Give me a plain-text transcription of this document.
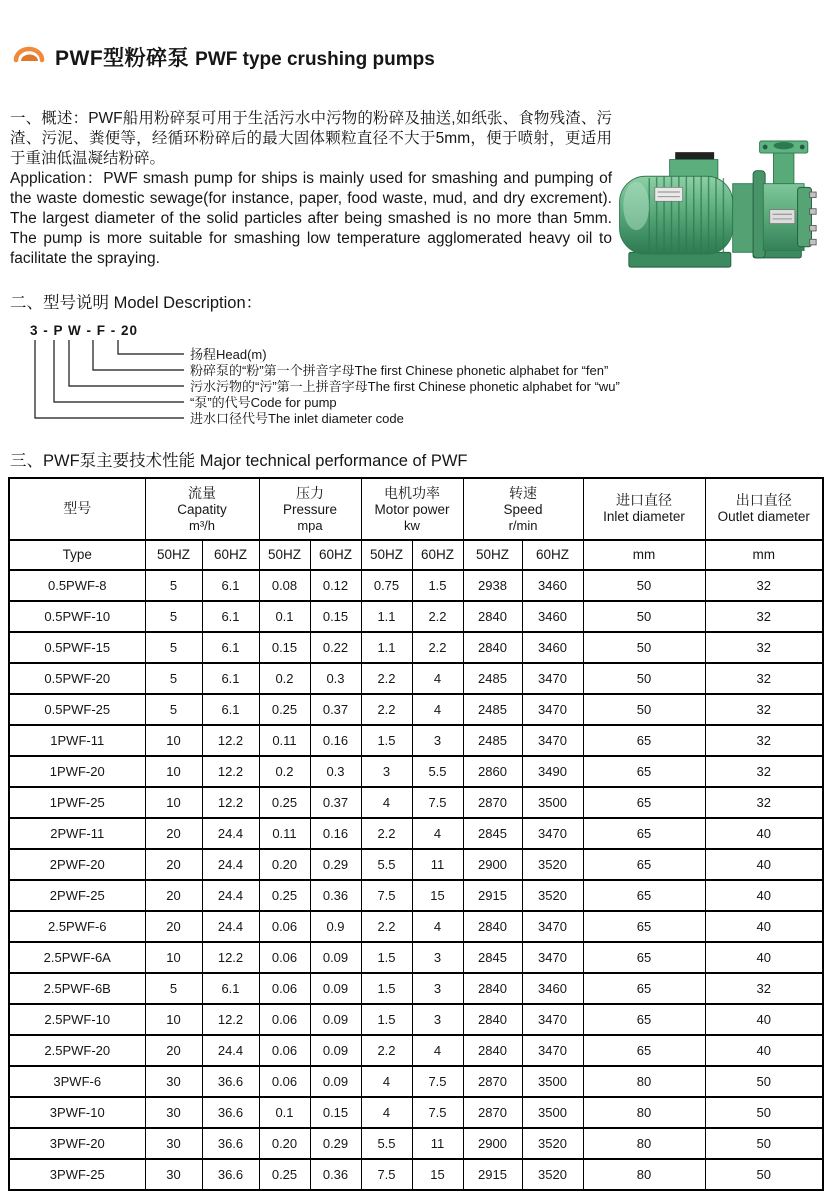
PWF型粉碎泵 PWF type crushing pumps

一、概述：PWF船用粉碎泵可用于生活污水中污物的粉碎及抽送,如纸张、食物残渣、污渣、污泥、粪便等，经循环粉碎后的最大固体颗粒直径不大于5mm，便于喷射，更适用于重油低温凝结粉碎。

Application：PWF smash pump for ships is mainly used for smashing and pumping of the waste domestic sewage(for instance, paper, food waste, mud, and dry excrement). The largest diameter of the solid particles after being smashed is no more than 5mm. The pump is more suitable for smashing low temperature agglomerated heavy oil to facilitate the spraying.

二、型号说明 Model Description：
3 - P W - F - 20
扬程Head(m)
粉碎泵的“粉”第一个拼音字母The first Chinese phonetic alphabet for “fen”
污水污物的“污”第一上拼音字母The first Chinese phonetic alphabet for “wu”
“泵”的代号Code for pump
进水口径代号The inlet diameter code
三、PWF泵主要技术性能 Major technical performance of PWF
型号

流量
Capatity
m³/h

压力
Pressure
mpa

电机功率
Motor power
kw

转速
Speed
r/min

进口直径
Inlet diameter

出口直径
Outlet diameter

Type	50HZ	60HZ	50HZ	60HZ	50HZ	60HZ	50HZ	60HZ	mm	mm
0.5PWF-8	5	6.1	0.08	0.12	0.75	1.5	2938	3460	50	32
0.5PWF-10	5	6.1	0.1	0.15	1.1	2.2	2840	3460	50	32
0.5PWF-15	5	6.1	0.15	0.22	1.1	2.2	2840	3460	50	32
0.5PWF-20	5	6.1	0.2	0.3	2.2	4	2485	3470	50	32
0.5PWF-25	5	6.1	0.25	0.37	2.2	4	2485	3470	50	32
1PWF-11	10	12.2	0.11	0.16	1.5	3	2485	3470	65	32
1PWF-20	10	12.2	0.2	0.3	3	5.5	2860	3490	65	32
1PWF-25	10	12.2	0.25	0.37	4	7.5	2870	3500	65	32
2PWF-11	20	24.4	0.11	0.16	2.2	4	2845	3470	65	40
2PWF-20	20	24.4	0.20	0.29	5.5	11	2900	3520	65	40
2PWF-25	20	24.4	0.25	0.36	7.5	15	2915	3520	65	40
2.5PWF-6	20	24.4	0.06	0.9	2.2	4	2840	3470	65	40
2.5PWF-6A	10	12.2	0.06	0.09	1.5	3	2845	3470	65	40
2.5PWF-6B	5	6.1	0.06	0.09	1.5	3	2840	3460	65	32
2.5PWF-10	10	12.2	0.06	0.09	1.5	3	2840	3470	65	40
2.5PWF-20	20	24.4	0.06	0.09	2.2	4	2840	3470	65	40
3PWF-6	30	36.6	0.06	0.09	4	7.5	2870	3500	80	50
3PWF-10	30	36.6	0.1	0.15	4	7.5	2870	3500	80	50
3PWF-20	30	36.6	0.20	0.29	5.5	11	2900	3520	80	50
3PWF-25	30	36.6	0.25	0.36	7.5	15	2915	3520	80	50
